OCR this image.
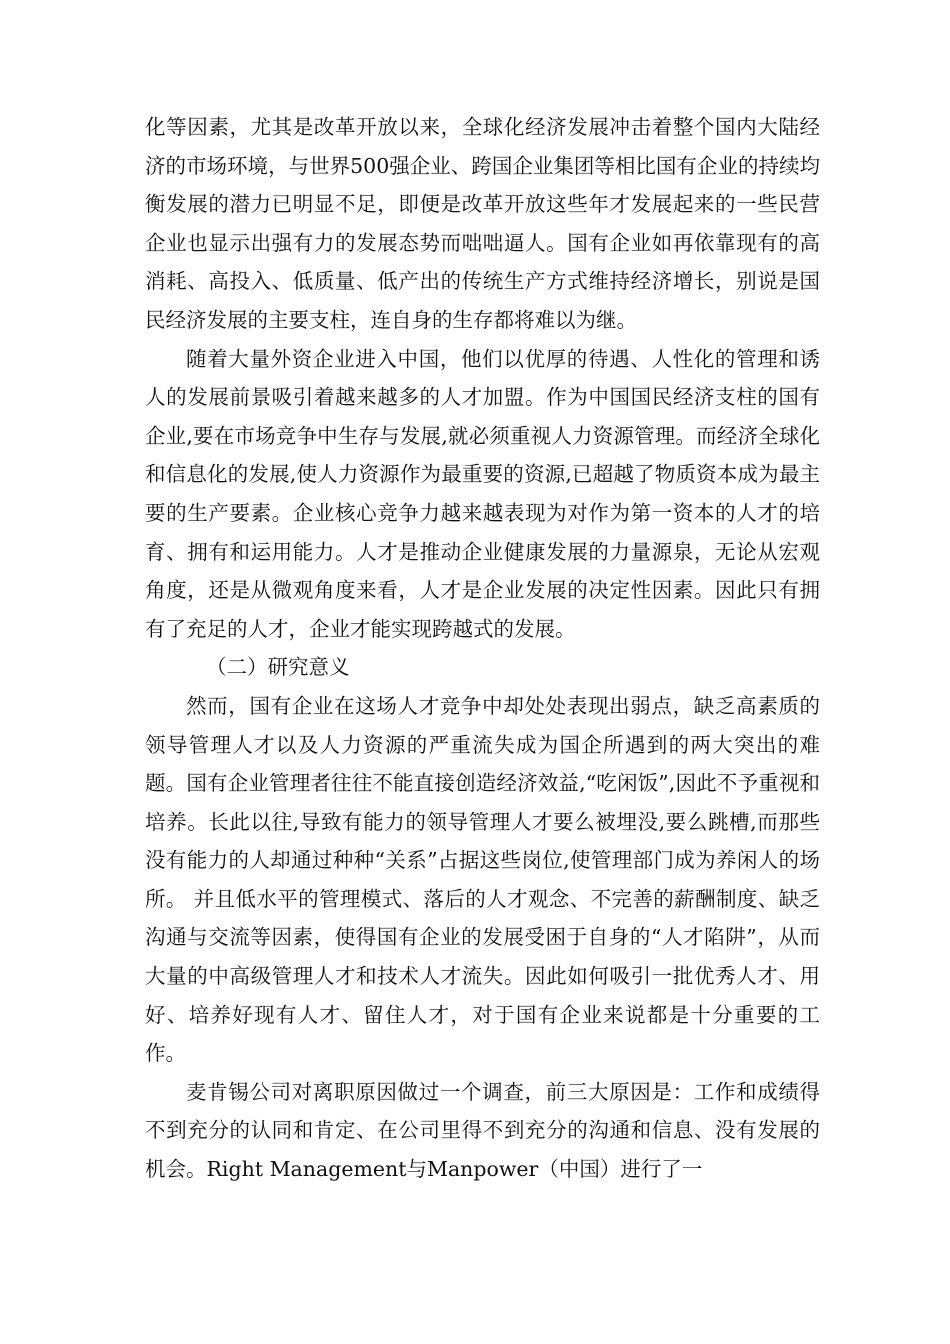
化等因素，尤其是改革开放以来，全球化经济发展冲击着整个国内大陆经济的市场环境，与世界500强企业、跨国企业集团等相比国有企业的持续均衡发展的潜力已明显不足，即便是改革开放这些年才发展起来的一些民营企业也显示出强有力的发展态势而咄咄逼人。国有企业如再依靠现有的高消耗、高投入、低质量、低产出的传统生产方式维持经济增长，别说是国民经济发展的主要支柱，连自身的生存都将难以为继。

随着大量外资企业进入中国，他们以优厚的待遇、人性化的管理和诱人的发展前景吸引着越来越多的人才加盟。作为中国国民经济支柱的国有企业,要在市场竞争中生存与发展,就必须重视人力资源管理。而经济全球化和信息化的发展,使人力资源作为最重要的资源,已超越了物质资本成为最主要的生产要素。企业核心竞争力越来越表现为对作为第一资本的人才的培育、拥有和运用能力。人才是推动企业健康发展的力量源泉，无论从宏观角度，还是从微观角度来看，人才是企业发展的决定性因素。因此只有拥有了充足的人才，企业才能实现跨越式的发展。

（二）研究意义

然而，国有企业在这场人才竞争中却处处表现出弱点，缺乏高素质的领导管理人才以及人力资源的严重流失成为国企所遇到的两大突出的难题。国有企业管理者往往不能直接创造经济效益,“吃闲饭”,因此不予重视和培养。长此以往,导致有能力的领导管理人才要么被埋没,要么跳槽,而那些没有能力的人却通过种种“关系”占据这些岗位,使管理部门成为养闲人的场所。 并且低水平的管理模式、落后的人才观念、不完善的薪酬制度、缺乏沟通与交流等因素，使得国有企业的发展受困于自身的“人才陷阱”，从而大量的中高级管理人才和技术人才流失。因此如何吸引一批优秀人才、用好、培养好现有人才、留住人才，对于国有企业来说都是十分重要的工作。

麦肯锡公司对离职原因做过一个调查，前三大原因是：工作和成绩得不到充分的认同和肯定、在公司里得不到充分的沟通和信息、没有发展的机会。Right Management与Manpower（中国）进行了一
